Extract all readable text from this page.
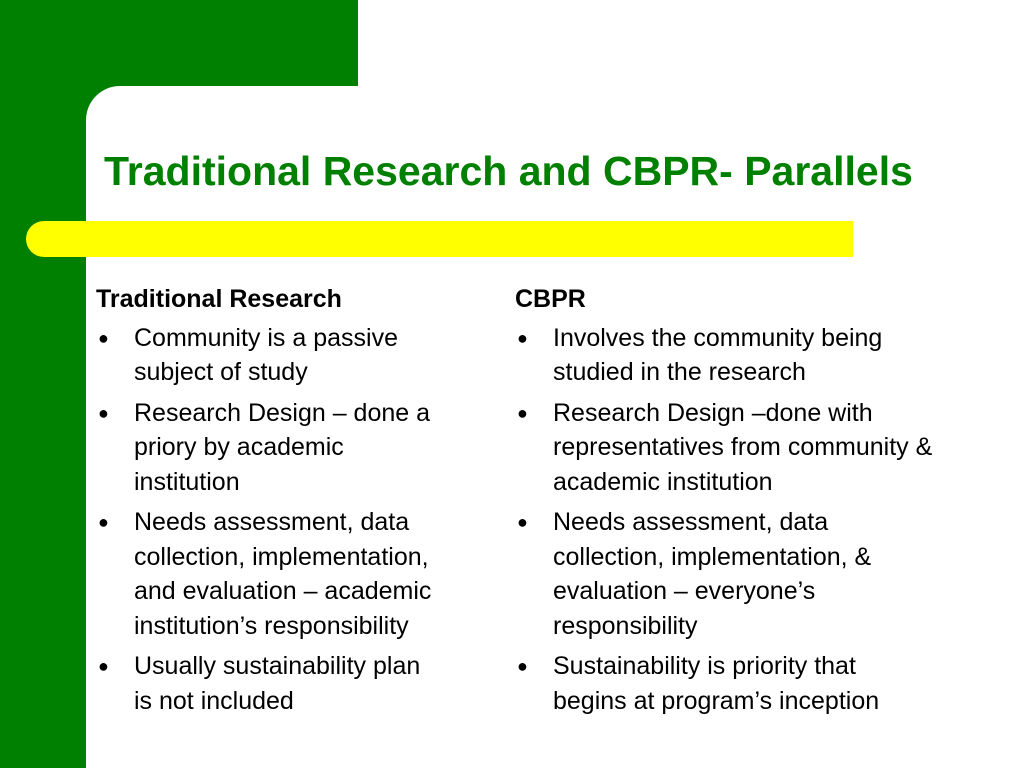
Traditional Research and CBPR- Parallels
Traditional Research
● Community is a passive
subject of study
● Research Design – done a
priory by academic
institution
● Needs assessment, data
collection, implementation,
and evaluation – academic
institution’s responsibility
● Usually sustainability plan
is not included
CBPR
● Involves the community being
studied in the research
● Research Design –done with
representatives from community &
academic institution
● Needs assessment, data
collection, implementation, &
evaluation – everyone’s
responsibility
● Sustainability is priority that
begins at program’s inception
